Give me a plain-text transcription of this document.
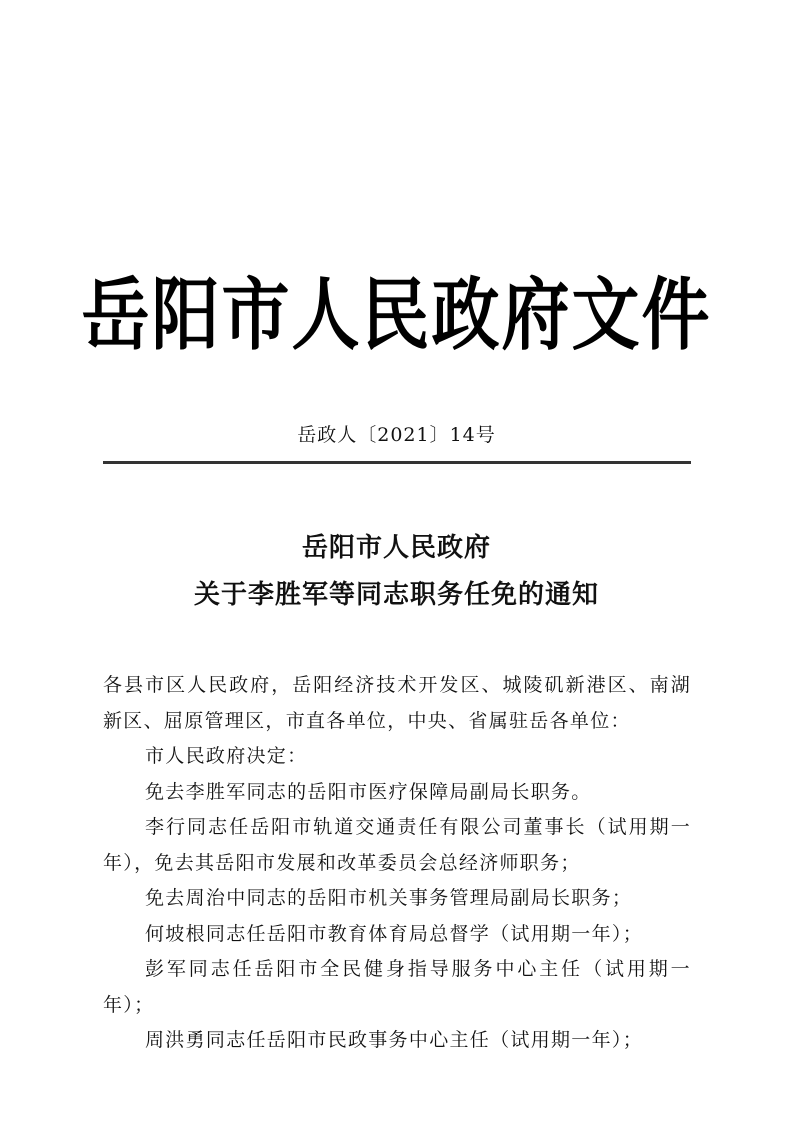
岳阳市人民政府文件
岳政人〔2021〕14号
岳阳市人民政府
关于李胜军等同志职务任免的通知

各县市区人民政府，岳阳经济技术开发区、城陵矶新港区、南湖新区、屈原管理区，市直各单位，中央、省属驻岳各单位：

市人民政府决定：

免去李胜军同志的岳阳市医疗保障局副局长职务。

李行同志任岳阳市轨道交通责任有限公司董事长（试用期一年），免去其岳阳市发展和改革委员会总经济师职务；

免去周治中同志的岳阳市机关事务管理局副局长职务；

何坡根同志任岳阳市教育体育局总督学（试用期一年）；

彭军同志任岳阳市全民健身指导服务中心主任（试用期一年）；

周洪勇同志任岳阳市民政事务中心主任（试用期一年）；
